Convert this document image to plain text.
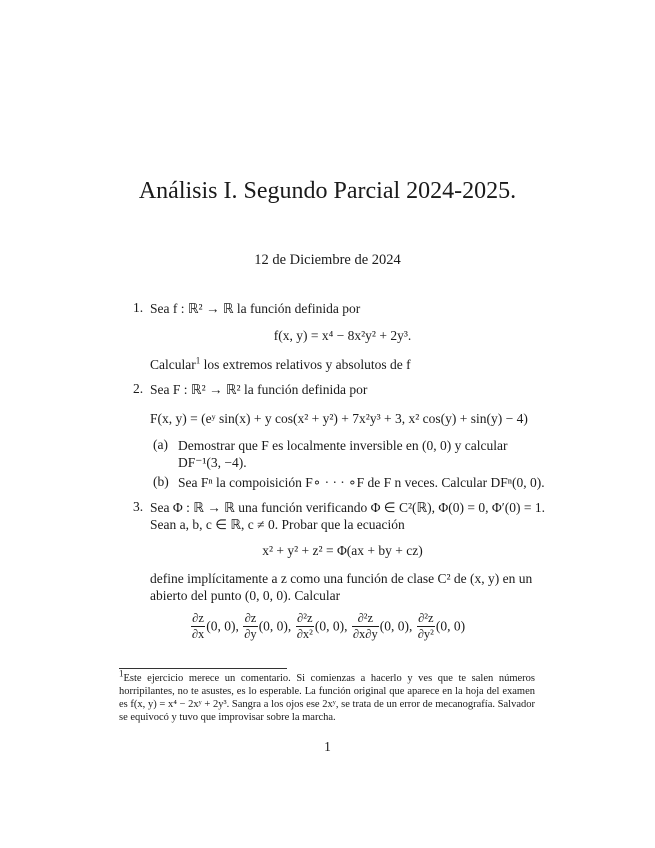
Análisis I. Segundo Parcial 2024-2025.
12 de Diciembre de 2024
1. Sea f : ℝ² → ℝ la función definida por
f(x, y) = x⁴ − 8x²y² + 2y³.
Calcular$^1$ los extremos relativos y absolutos de f
2. Sea F : ℝ² → ℝ² la función definida por
F(x, y) = (eʸ sin(x) + y cos(x² + y²) + 7x²y³ + 3, x² cos(y) + sin(y) − 4)
(a) Demostrar que F es localmente inversible en (0, 0) y calcular
DF⁻¹(3, −4).
(b) Sea Fⁿ la compoisición F∘ · · · ∘F de F n veces. Calcular DFⁿ(0, 0).
3. Sea Φ : ℝ → ℝ una función verificando Φ ∈ C²(ℝ), Φ(0) = 0, Φ′(0) = 1.
Sean a, b, c ∈ ℝ, c ≠ 0. Probar que la ecuación
x² + y² + z² = Φ(ax + by + cz)
define implícitamente a z como una función de clase C² de (x, y) en un
abierto del punto (0, 0, 0). Calcular
$\frac{\partial z}{\partial x} (0$, 0), $\frac{\partial z}{\partial y} (0$, 0), $\frac{\text{∂²z}}{\text{∂x²}} (0$, 0), $\frac{\text{∂²z}}{\partial x\partial y} (0$, 0), $\frac{\text{∂²z}}{\text{∂y²}} (0$, 0)
$^1$Este ejercicio merece un comentario. Si comienzas a hacerlo y ves que te salen números horripilantes, no te asustes, es lo esperable. La función original que aparece en la hoja del examen es f(x, y) = x⁴ − 2xʸ + 2y³. Sangra a los ojos ese 2xʸ, se trata de un error de mecanografía. Salvador se equivocó y tuvo que improvisar sobre la marcha.
1
